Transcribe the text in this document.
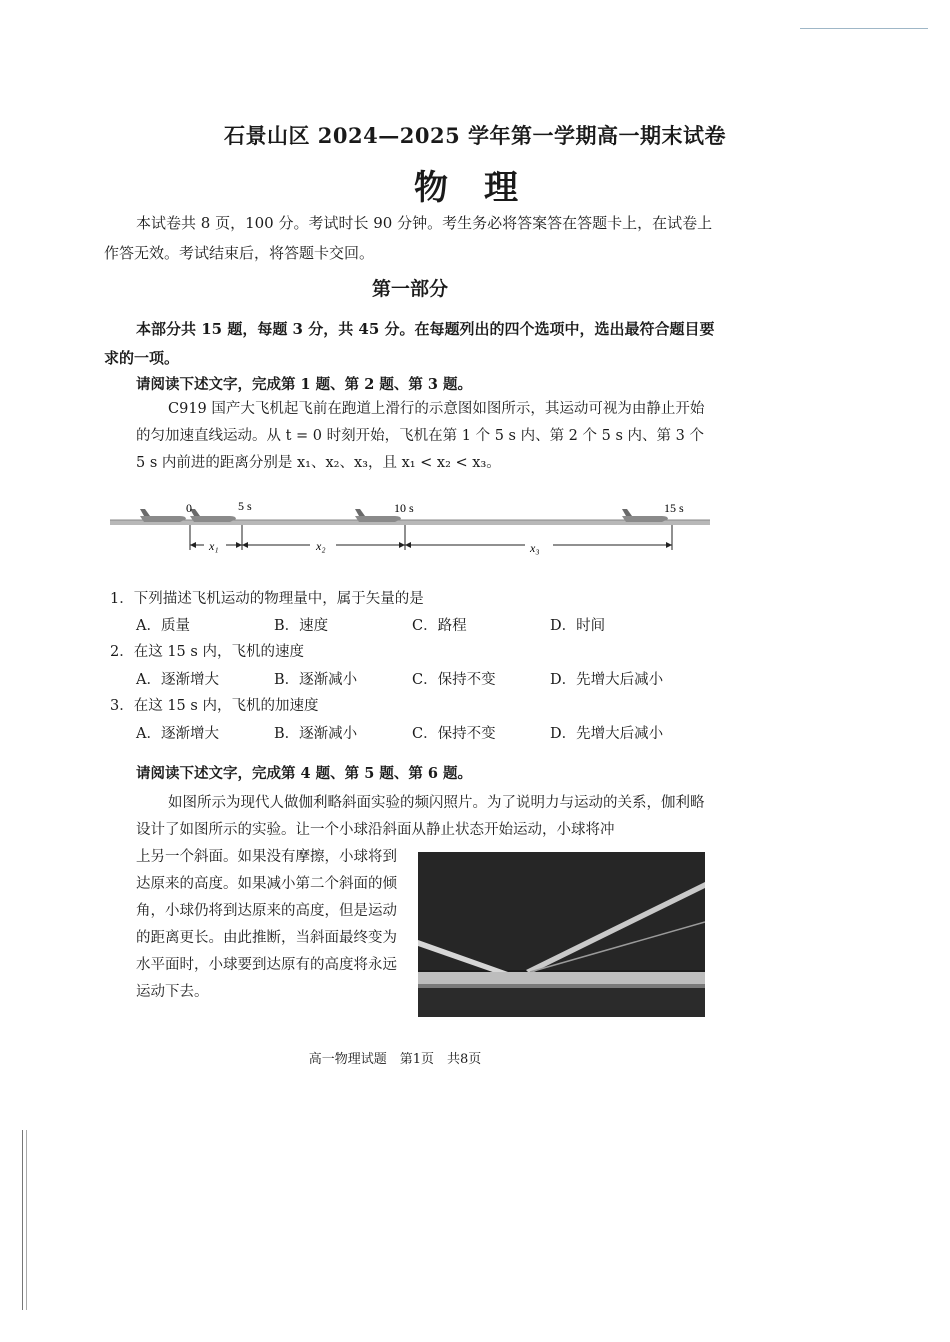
石景山区 2024—2025 学年第一学期高一期末试卷
物理
本试卷共 8 页，100 分。考试时长 90 分钟。考生务必将答案答在答题卡上，在试卷上作答无效。考试结束后，将答题卡交回。
第一部分
本部分共 15 题，每题 3 分，共 45 分。在每题列出的四个选项中，选出最符合题目要求的一项。
请阅读下述文字，完成第 1 题、第 2 题、第 3 题。
C919 国产大飞机起飞前在跑道上滑行的示意图如图所示，其运动可视为由静止开始的匀加速直线运动。从 t = 0 时刻开始，飞机在第 1 个 5 s 内、第 2 个 5 s 内、第 3 个 5 s 内前进的距离分别是 x₁、x₂、x₃，且 x₁ < x₂ < x₃。
0	5 s	10 s	15 s
x₁	x₂	x₃
1．下列描述飞机运动的物理量中，属于矢量的是
A．质量	B．速度	C．路程	D．时间
2．在这 15 s 内，飞机的速度
A．逐渐增大	B．逐渐减小	C．保持不变	D．先增大后减小
3．在这 15 s 内，飞机的加速度
A．逐渐增大	B．逐渐减小	C．保持不变	D．先增大后减小
请阅读下述文字，完成第 4 题、第 5 题、第 6 题。
如图所示为现代人做伽利略斜面实验的频闪照片。为了说明力与运动的关系，伽利略设计了如图所示的实验。让一个小球沿斜面从静止状态开始运动，小球将冲
上另一个斜面。如果没有摩擦，小球将到达原来的高度。如果减小第二个斜面的倾角，小球仍将到达原来的高度，但是运动的距离更长。由此推断，当斜面最终变为水平面时，小球要到达原有的高度将永远运动下去。
高一物理试题　第1页　共8页
